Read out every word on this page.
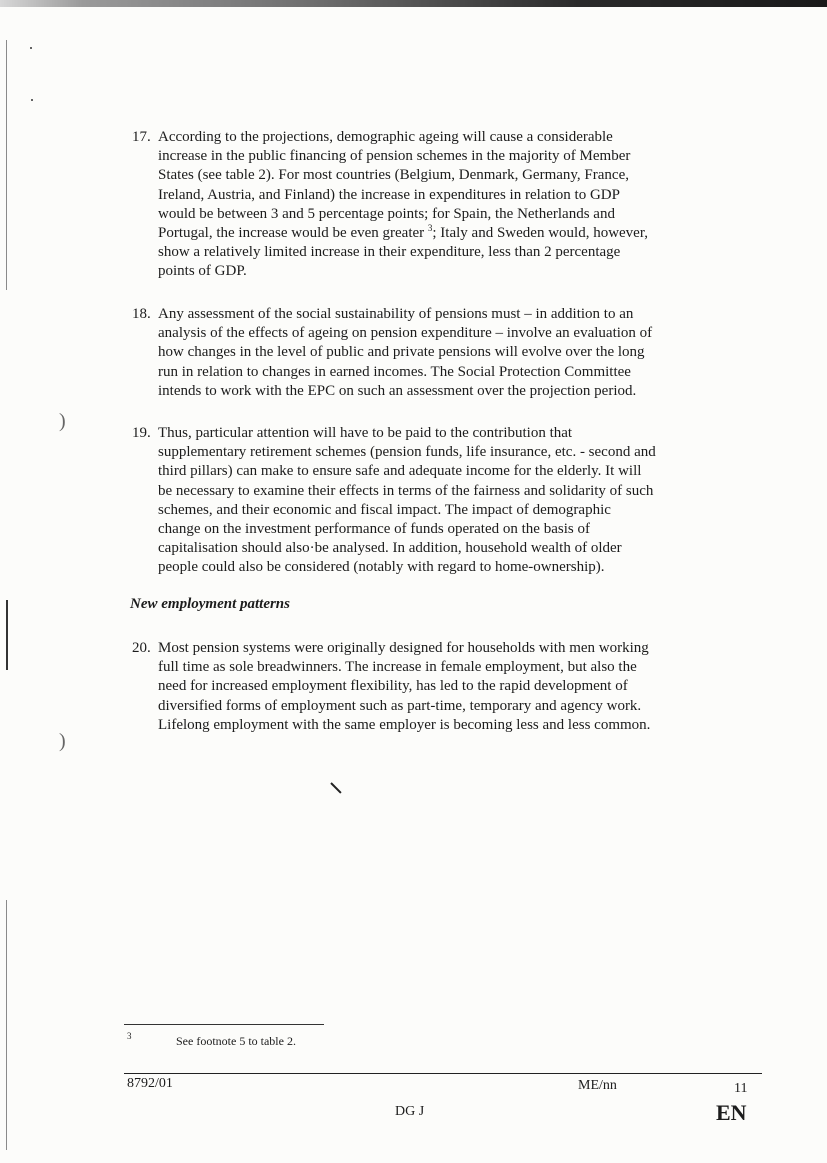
)
)
17. According to the projections, demographic ageing will cause a considerable
increase in the public financing of pension schemes in the majority of Member
States (see table 2). For most countries (Belgium, Denmark, Germany, France,
Ireland, Austria, and Finland) the increase in expenditures in relation to GDP
would be between 3 and 5 percentage points; for Spain, the Netherlands and
Portugal, the increase would be even greater $^3$; Italy and Sweden would, however,
show a relatively limited increase in their expenditure, less than 2 percentage
points of GDP.
18. Any assessment of the social sustainability of pensions must – in addition to an
analysis of the effects of ageing on pension expenditure – involve an evaluation of
how changes in the level of public and private pensions will evolve over the long
run in relation to changes in earned incomes. The Social Protection Committee
intends to work with the EPC on such an assessment over the projection period.
19. Thus, particular attention will have to be paid to the contribution that
supplementary retirement schemes (pension funds, life insurance, etc. - second and
third pillars) can make to ensure safe and adequate income for the elderly. It will
be necessary to examine their effects in terms of the fairness and solidarity of such
schemes, and their economic and fiscal impact. The impact of demographic
change on the investment performance of funds operated on the basis of
capitalisation should also·be analysed. In addition, household wealth of older
people could also be considered (notably with regard to home-ownership).
New employment patterns
20. Most pension systems were originally designed for households with men working
full time as sole breadwinners. The increase in female employment, but also the
need for increased employment flexibility, has led to the rapid development of
diversified forms of employment such as part-time, temporary and agency work.
Lifelong employment with the same employer is becoming less and less common.
3	See footnote 5 to table 2.
8792/01	ME/nn	11
DG J	EN
